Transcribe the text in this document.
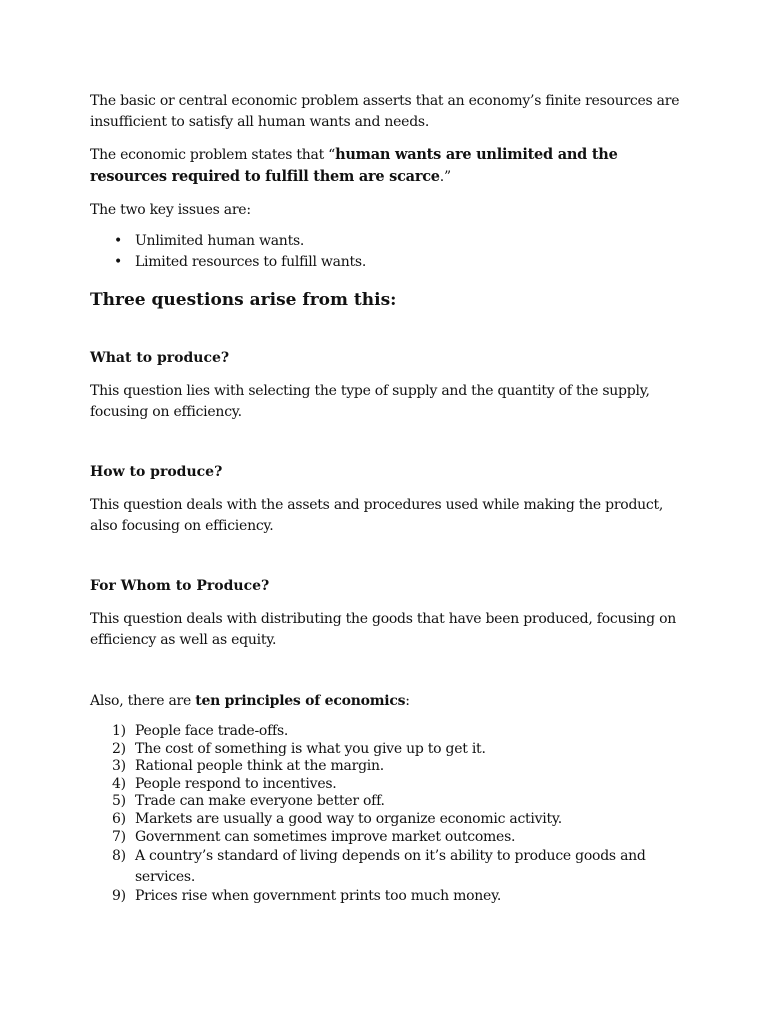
The basic or central economic problem asserts that an economy’s finite resources are insufficient to satisfy all human wants and needs.

The economic problem states that “human wants are unlimited and the resources required to fulfill them are scarce.”

The two key issues are:

• Unlimited human wants.
• Limited resources to fulfill wants.
Three questions arise from this:
What to produce?

This question lies with selecting the type of supply and the quantity of the supply, focusing on efficiency.

How to produce?

This question deals with the assets and procedures used while making the product, also focusing on efficiency.

For Whom to Produce?

This question deals with distributing the goods that have been produced, focusing on efficiency as well as equity.

Also, there are ten principles of economics:

1) People face trade-offs.
2) The cost of something is what you give up to get it.
3) Rational people think at the margin.
4) People respond to incentives.
5) Trade can make everyone better off.
6) Markets are usually a good way to organize economic activity.
7) Government can sometimes improve market outcomes.
8) A country’s standard of living depends on it’s ability to produce goods and services.
9) Prices rise when government prints too much money.
